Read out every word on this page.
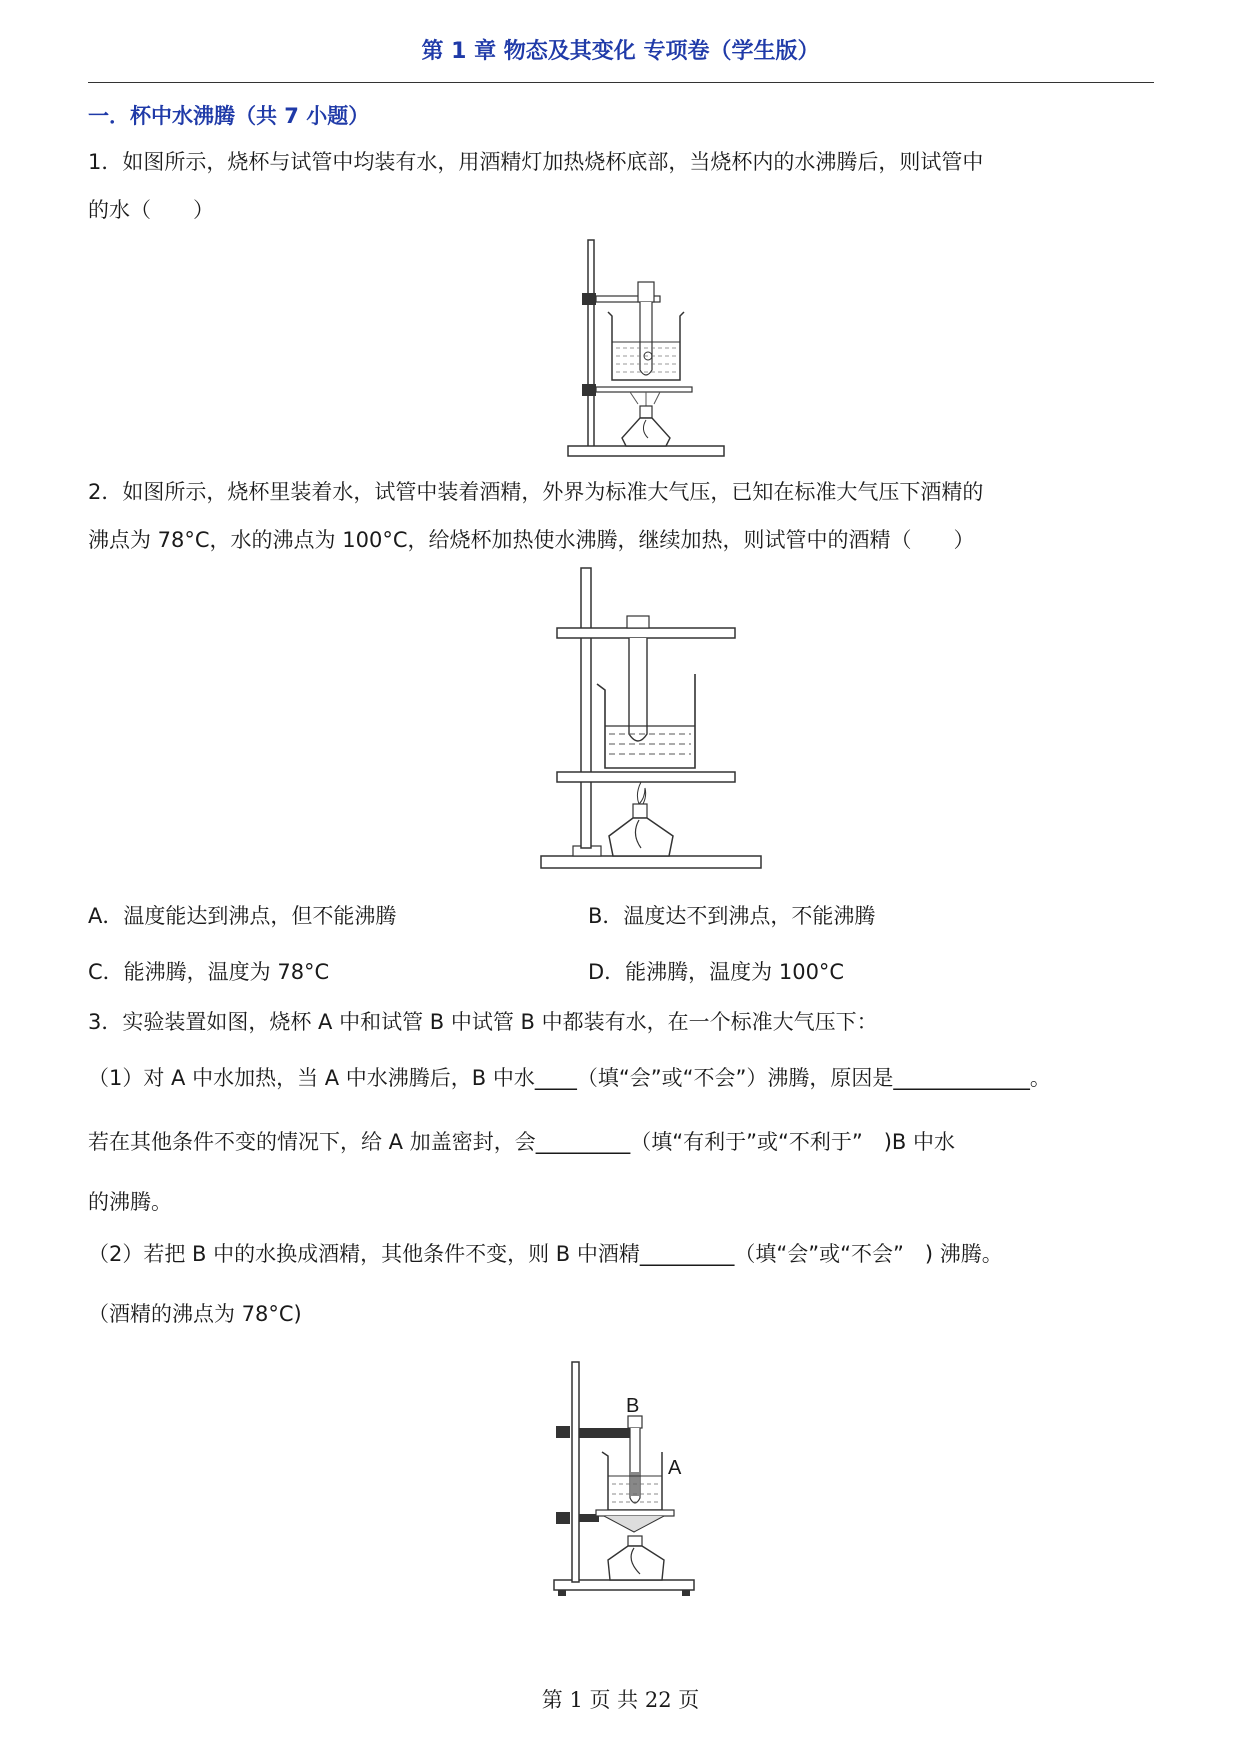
第 1 章 物态及其变化 专项卷（学生版）
一．杯中水沸腾（共 7 小题）
1．如图所示，烧杯与试管中均装有水，用酒精灯加热烧杯底部，当烧杯内的水沸腾后，则试管中
的水（　　）
2．如图所示，烧杯里装着水，试管中装着酒精，外界为标准大气压，已知在标准大气压下酒精的
沸点为 78°C，水的沸点为 100°C，给烧杯加热使水沸腾，继续加热，则试管中的酒精（　　）
A．温度能达到沸点，但不能沸腾	B．温度达不到沸点，不能沸腾
C．能沸腾，温度为 78°C	D．能沸腾，温度为 100°C
3．实验装置如图，烧杯 A 中和试管 B 中试管 B 中都装有水，在一个标准大气压下：
（1）对 A 中水加热，当 A 中水沸腾后，B 中水____（填“会”或“不会”）沸腾，原因是_____________。
若在其他条件不变的情况下，给 A 加盖密封，会_________（填“有利于”或“不利于”　)B 中水
的沸腾。
（2）若把 B 中的水换成酒精，其他条件不变，则 B 中酒精_________（填“会”或“不会”　) 沸腾。
（酒精的沸点为 78°C)
B
A
第 1 页 共 22 页
